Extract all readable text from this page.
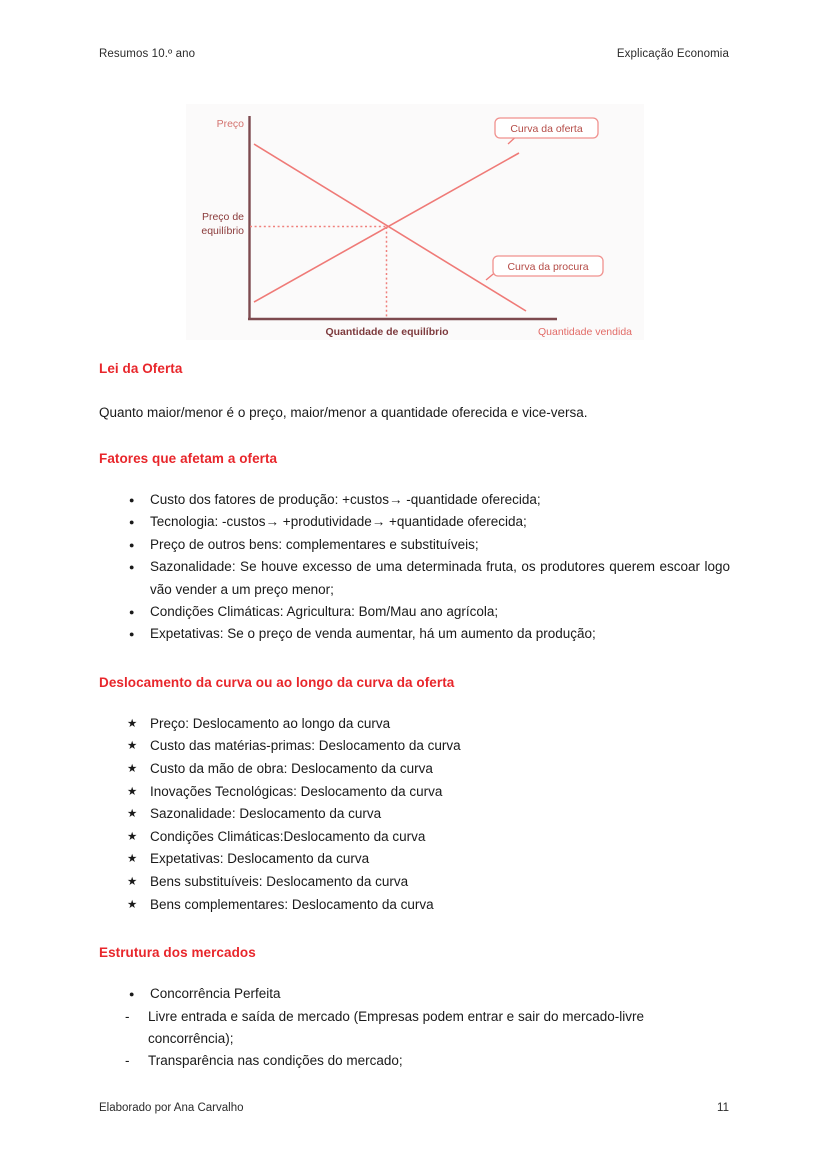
Resumos 10.º ano	Explicação Economia
Curva da oferta
Curva da procura
Preço
Preço de
equilíbrio
Quantidade de equilíbrio	Quantidade vendida
Lei da Oferta

Quanto maior/menor é o preço, maior/menor a quantidade oferecida e vice-versa.

Fatores que afetam a oferta
● Custo dos fatores de produção: +custos→ -quantidade oferecida;
● Tecnologia: -custos→ +produtividade→ +quantidade oferecida;
● Preço de outros bens: complementares e substituíveis;
● Sazonalidade: Se houve excesso de uma determinada fruta, os produtores querem escoar logo vão vender a um preço menor;
● Condições Climáticas: Agricultura: Bom/Mau ano agrícola;
● Expetativas: Se o preço de venda aumentar, há um aumento da produção;
Deslocamento da curva ou ao longo da curva da oferta
★ Preço: Deslocamento ao longo da curva
★ Custo das matérias-primas: Deslocamento da curva
★ Custo da mão de obra: Deslocamento da curva
★ Inovações Tecnológicas: Deslocamento da curva
★ Sazonalidade: Deslocamento da curva
★ Condições Climáticas:Deslocamento da curva
★ Expetativas: Deslocamento da curva
★ Bens substituíveis: Deslocamento da curva
★ Bens complementares: Deslocamento da curva
Estrutura dos mercados
● Concorrência Perfeita
- Livre entrada e saída de mercado (Empresas podem entrar e sair do mercado-livre concorrência);
- Transparência nas condições do mercado;
Elaborado por Ana Carvalho	11
